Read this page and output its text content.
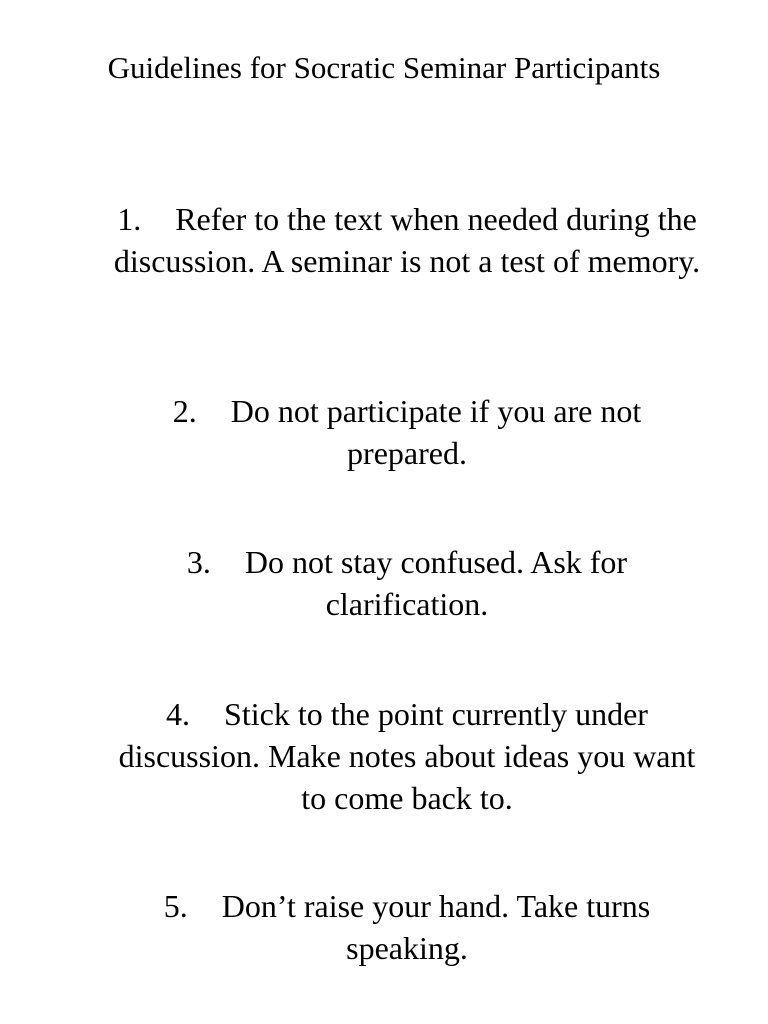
Guidelines for Socratic Seminar Participants

1. Refer to the text when needed during the discussion. A seminar is not a test of memory.

2. Do not participate if you are not prepared.

3. Do not stay confused. Ask for clarification.

4. Stick to the point currently under discussion. Make notes about ideas you want to come back to.

5. Don’t raise your hand. Take turns speaking.
